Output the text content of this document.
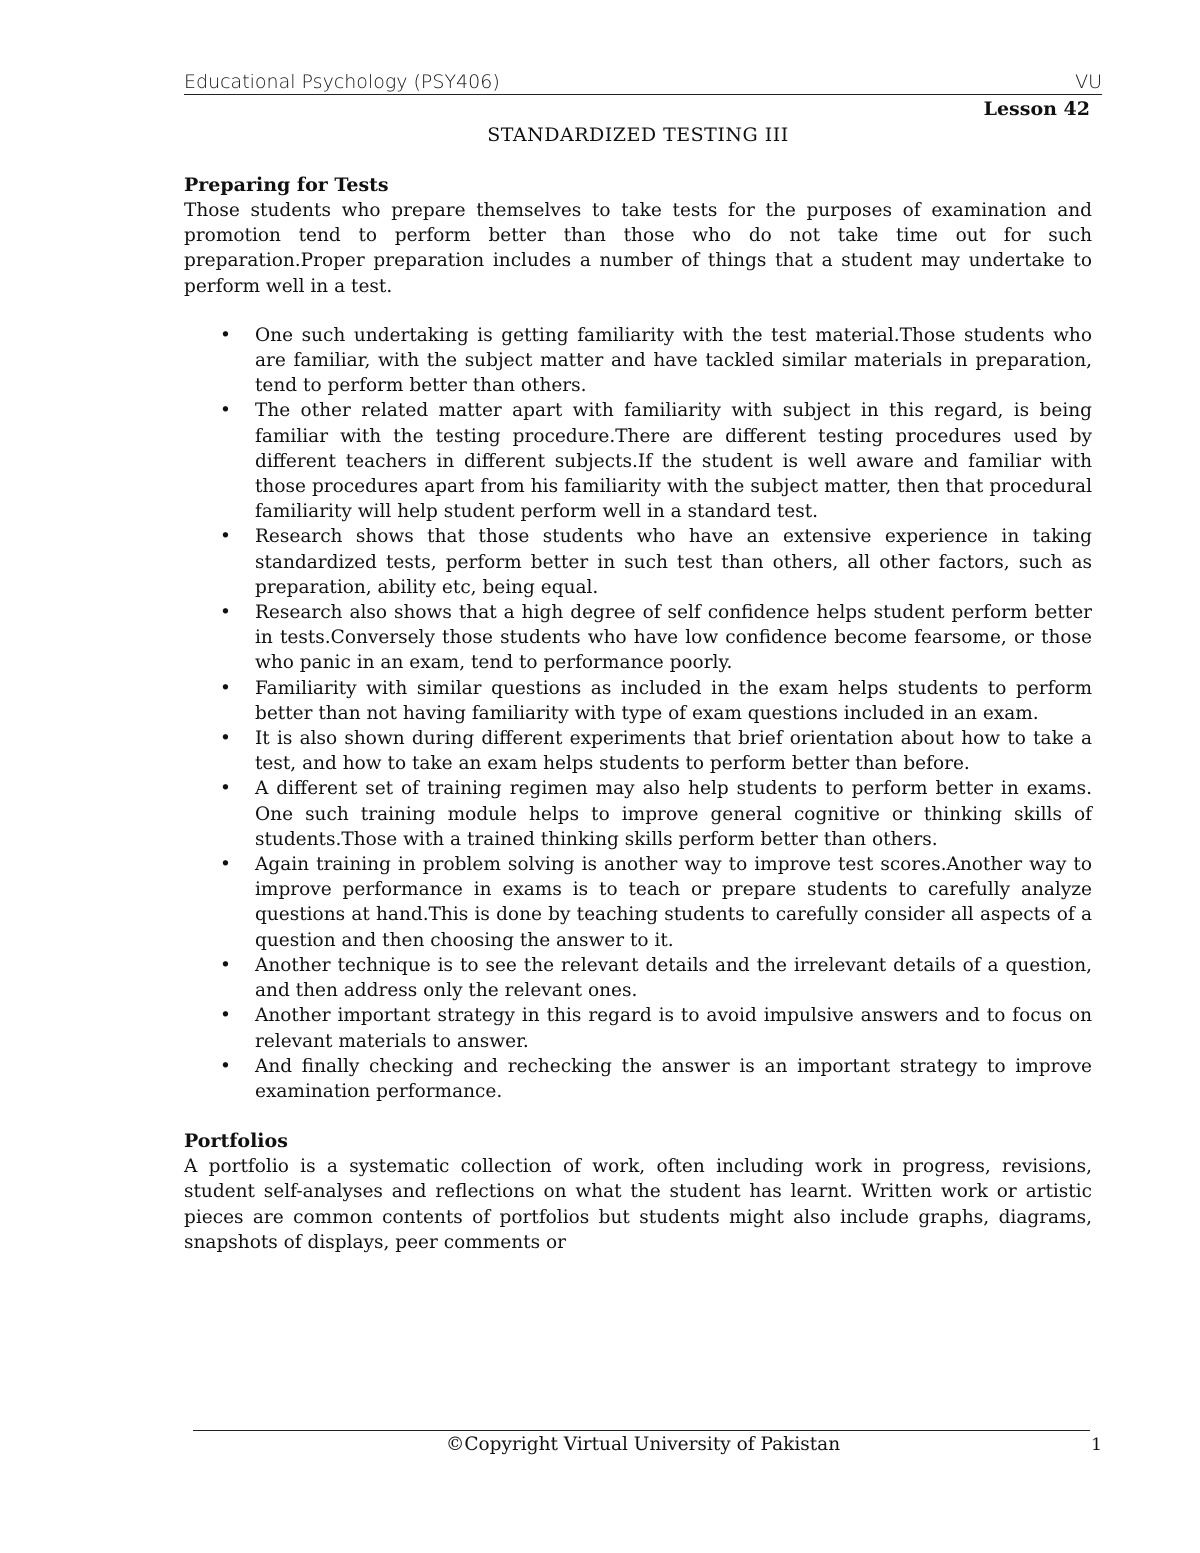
Educational Psychology (PSY406)	VU
Lesson 42
STANDARDIZED TESTING III
Preparing for Tests

Those students who prepare themselves to take tests for the purposes of examination and promotion tend to perform better than those who do not take time out for such preparation.Proper preparation includes a number of things that a student may undertake to perform well in a test.

• One such undertaking is getting familiarity with the test material.Those students who are familiar, with the subject matter and have tackled similar materials in preparation, tend to perform better than others.
• The other related matter apart with familiarity with subject in this regard, is being familiar with the testing procedure.There are different testing procedures used by different teachers in different subjects.If the student is well aware and familiar with those procedures apart from his familiarity with the subject matter, then that procedural familiarity will help student perform well in a standard test.
• Research shows that those students who have an extensive experience in taking standardized tests, perform better in such test than others, all other factors, such as preparation, ability etc, being equal.
• Research also shows that a high degree of self confidence helps student perform better in tests.Conversely those students who have low confidence become fearsome, or those who panic in an exam, tend to performance poorly.
• Familiarity with similar questions as included in the exam helps students to perform better than not having familiarity with type of exam questions included in an exam.
• It is also shown during different experiments that brief orientation about how to take a test, and how to take an exam helps students to perform better than before.
• A different set of training regimen may also help students to perform better in exams. One such training module helps to improve general cognitive or thinking skills of students.Those with a trained thinking skills perform better than others.
• Again training in problem solving is another way to improve test scores.Another way to improve performance in exams is to teach or prepare students to carefully analyze questions at hand.This is done by teaching students to carefully consider all aspects of a question and then choosing the answer to it.
• Another technique is to see the relevant details and the irrelevant details of a question, and then address only the relevant ones.
• Another important strategy in this regard is to avoid impulsive answers and to focus on relevant materials to answer.
• And finally checking and rechecking the answer is an important strategy to improve examination performance.
Portfolios

A portfolio is a systematic collection of work, often including work in progress, revisions, student self-analyses and reflections on what the student has learnt. Written work or artistic pieces are common contents of portfolios but students might also include graphs, diagrams, snapshots of displays, peer comments or

©Copyright Virtual University of Pakistan	1
